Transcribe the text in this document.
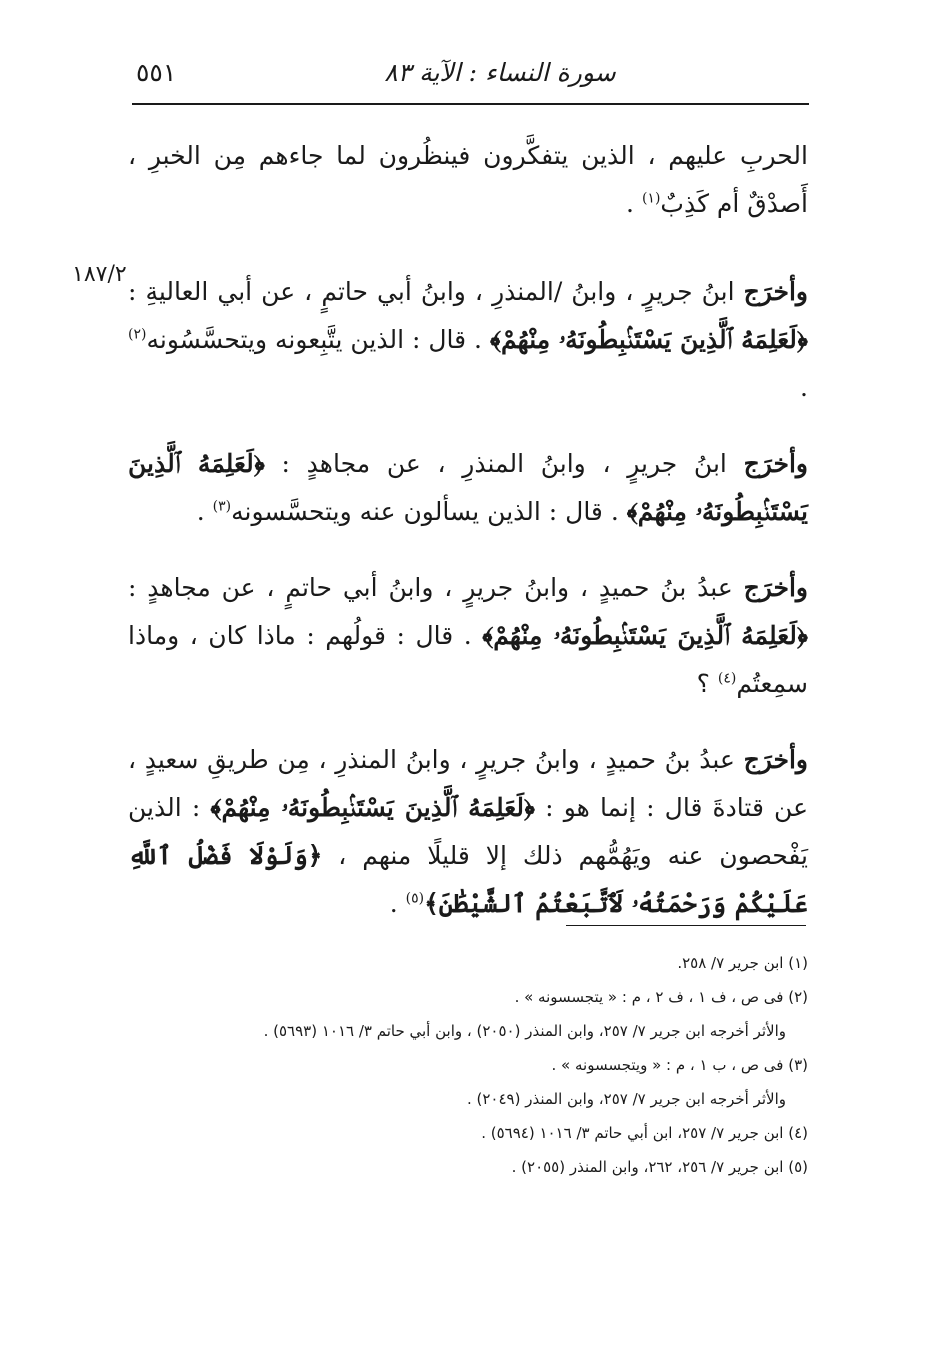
٥٥١	سورة النساء : الآية ٨٣
١٨٧/٢

الحربِ عليهم ، الذين يتفكَّرون فينظُرون لما جاءهم مِن الخبرِ ، أَصدْقٌ أم كَذِبٌ$^{(١)}$ .

وأخرَج ابنُ جريرٍ ، وابنُ /المنذرِ ، وابنُ أبي حاتمٍ ، عن أبي العاليةِ : ﴿لَعَلِمَهُ ٱلَّذِينَ يَسْتَنۢبِطُونَهُۥ مِنْهُمْ﴾ . قال : الذين يتَّبِعونه ويتحسَّسُونه$^{(٢)}$ .

وأخرَج ابنُ جريرٍ ، وابنُ المنذرِ ، عن مجاهدٍ : ﴿لَعَلِمَهُ ٱلَّذِينَ يَسْتَنۢبِطُونَهُۥ مِنْهُمْ﴾ . قال : الذين يسألون عنه ويتحسَّسونه$^{(٣)}$ .

وأخرَج عبدُ بنُ حميدٍ ، وابنُ جريرٍ ، وابنُ أبي حاتمٍ ، عن مجاهدٍ : ﴿لَعَلِمَهُ ٱلَّذِينَ يَسْتَنۢبِطُونَهُۥ مِنْهُمْ﴾ . قال : قولُهم : ماذا كان ، وماذا سمِعتُم$^{(٤)}$ ؟

وأخرَج عبدُ بنُ حميدٍ ، وابنُ جريرٍ ، وابنُ المنذرِ ، مِن طريقِ سعيدٍ ، عن قتادةَ قال : إنما هو : ﴿لَعَلِمَهُ ٱلَّذِينَ يَسْتَنۢبِطُونَهُۥ مِنْهُمْ﴾ : الذين يَفْحصون عنه ويَهُمُّهم ذلك إلا قليلًا منهم ، ﴿وَلَوْلَا فَضْلُ ٱللَّهِ عَلَيْكُمْ وَرَحْمَتُهُۥ لَٱتَّبَعْتُمُ ٱلشَّيْطَٰنَ﴾$^{(٥)}$ .

(١) ابن جرير ٧/ ٢٥٨.

(٢) فى ص ، ف ١ ، ف ٢ ، م : « يتجسسونه » .

والأثر أخرجه ابن جرير ٧/ ٢٥٧، وابن المنذر (٢٠٥٠) ، وابن أبي حاتم ٣/ ١٠١٦ (٥٦٩٣) .

(٣) فى ص ، ب ١ ، م : « ويتجسسونه » .

والأثر أخرجه ابن جرير ٧/ ٢٥٧، وابن المنذر (٢٠٤٩) .

(٤) ابن جرير ٧/ ٢٥٧، ابن أبي حاتم ٣/ ١٠١٦ (٥٦٩٤) .

(٥) ابن جرير ٧/ ٢٥٦، ٢٦٢، وابن المنذر (٢٠٥٥) .
